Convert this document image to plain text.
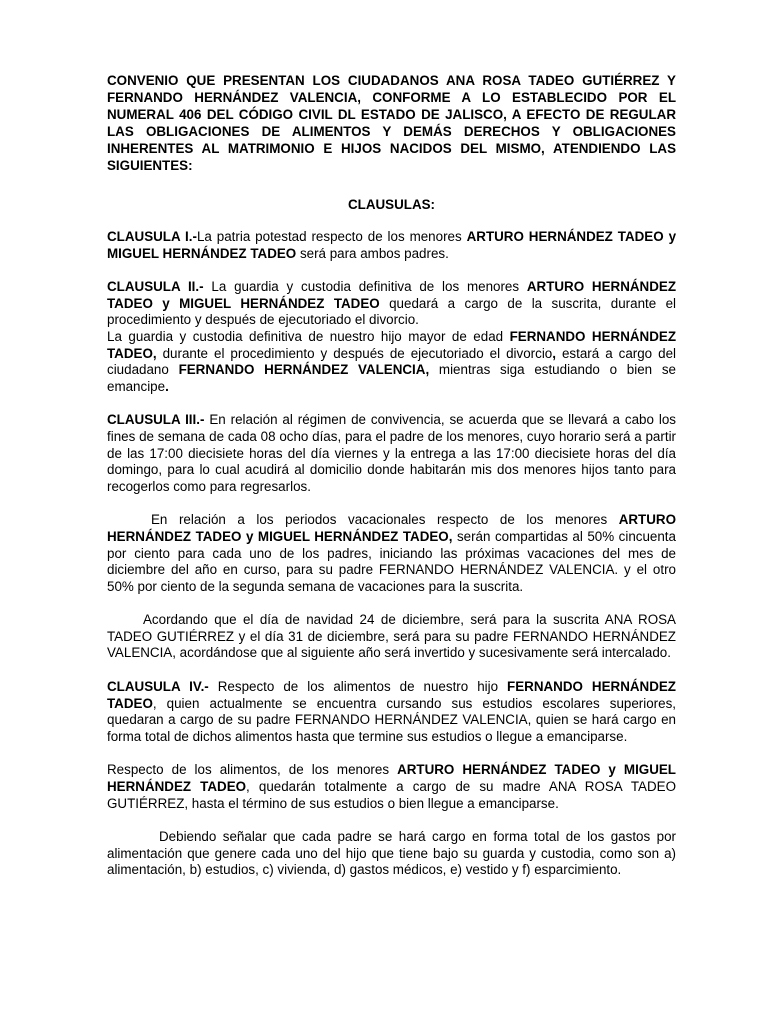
CONVENIO QUE PRESENTAN LOS CIUDADANOS ANA ROSA TADEO GUTIÉRREZ Y FERNANDO HERNÁNDEZ VALENCIA, CONFORME A LO ESTABLECIDO POR EL NUMERAL 406 DEL CÓDIGO CIVIL DL ESTADO DE JALISCO, A EFECTO DE REGULAR LAS OBLIGACIONES DE ALIMENTOS Y DEMÁS DERECHOS Y OBLIGACIONES INHERENTES AL MATRIMONIO E HIJOS NACIDOS DEL MISMO, ATENDIENDO LAS SIGUIENTES:

CLAUSULAS:

CLAUSULA I.-La patria potestad respecto de los menores ARTURO HERNÁNDEZ TADEO y MIGUEL HERNÁNDEZ TADEO será para ambos padres.

CLAUSULA II.- La guardia y custodia definitiva de los menores ARTURO HERNÁNDEZ TADEO y MIGUEL HERNÁNDEZ TADEO quedará a cargo de la suscrita, durante el procedimiento y después de ejecutoriado el divorcio.

La guardia y custodia definitiva de nuestro hijo mayor de edad FERNANDO HERNÁNDEZ TADEO, durante el procedimiento y después de ejecutoriado el divorcio, estará a cargo del ciudadano FERNANDO HERNÁNDEZ VALENCIA, mientras siga estudiando o bien se emancipe.

CLAUSULA III.- En relación al régimen de convivencia, se acuerda que se llevará a cabo los fines de semana de cada 08 ocho días, para el padre de los menores, cuyo horario será a partir de las 17:00 diecisiete horas del día viernes y la entrega a las 17:00 diecisiete horas del día domingo, para lo cual acudirá al domicilio donde habitarán mis dos menores hijos tanto para recogerlos como para regresarlos.

En relación a los periodos vacacionales respecto de los menores ARTURO HERNÁNDEZ TADEO y MIGUEL HERNÁNDEZ TADEO, serán compartidas al 50% cincuenta por ciento para cada uno de los padres, iniciando las próximas vacaciones del mes de diciembre del año en curso, para su padre FERNANDO HERNÁNDEZ VALENCIA. y el otro 50% por ciento de la segunda semana de vacaciones para la suscrita.

Acordando que el día de navidad 24 de diciembre, será para la suscrita ANA ROSA TADEO GUTIÉRREZ y el día 31 de diciembre, será para su padre FERNANDO HERNÁNDEZ VALENCIA, acordándose que al siguiente año será invertido y sucesivamente será intercalado.

CLAUSULA IV.- Respecto de los alimentos de nuestro hijo FERNANDO HERNÁNDEZ TADEO, quien actualmente se encuentra cursando sus estudios escolares superiores, quedaran a cargo de su padre FERNANDO HERNÁNDEZ VALENCIA, quien se hará cargo en forma total de dichos alimentos hasta que termine sus estudios o llegue a emanciparse.

Respecto de los alimentos, de los menores ARTURO HERNÁNDEZ TADEO y MIGUEL HERNÁNDEZ TADEO, quedarán totalmente a cargo de su madre ANA ROSA TADEO GUTIÉRREZ, hasta el término de sus estudios o bien llegue a emanciparse.

Debiendo señalar que cada padre se hará cargo en forma total de los gastos por alimentación que genere cada uno del hijo que tiene bajo su guarda y custodia, como son a) alimentación, b) estudios, c) vivienda, d) gastos médicos, e) vestido y f) esparcimiento.
